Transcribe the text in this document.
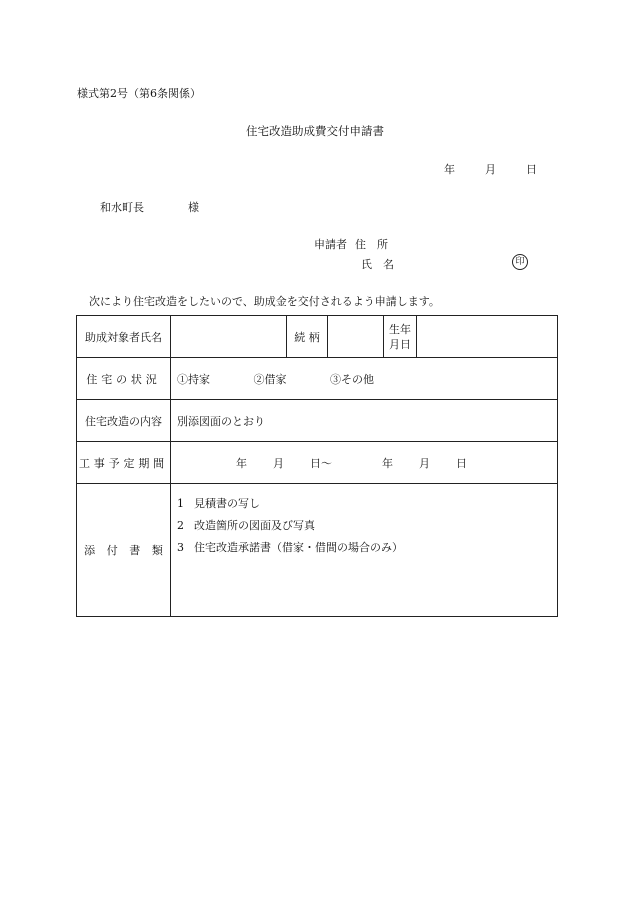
様式第2号（第6条関係）
住宅改造助成費交付申請書
年	月	日
和水町長	様
申請者 住　所
氏　名	印
次により住宅改造をしたいので、助成金を交付されるよう申請します。
助成対象者氏名		続 柄		生年
月日	

住宅の状況	①持家 ②借家 ③その他				
住宅改造の内容	別添図面のとおり				
工事予定期間	年 月 日～ 年 月 日				
添付書類	1 見積書の写し
2 改造箇所の図面及び写真
3 住宅改造承諾書（借家・借間の場合のみ）				
